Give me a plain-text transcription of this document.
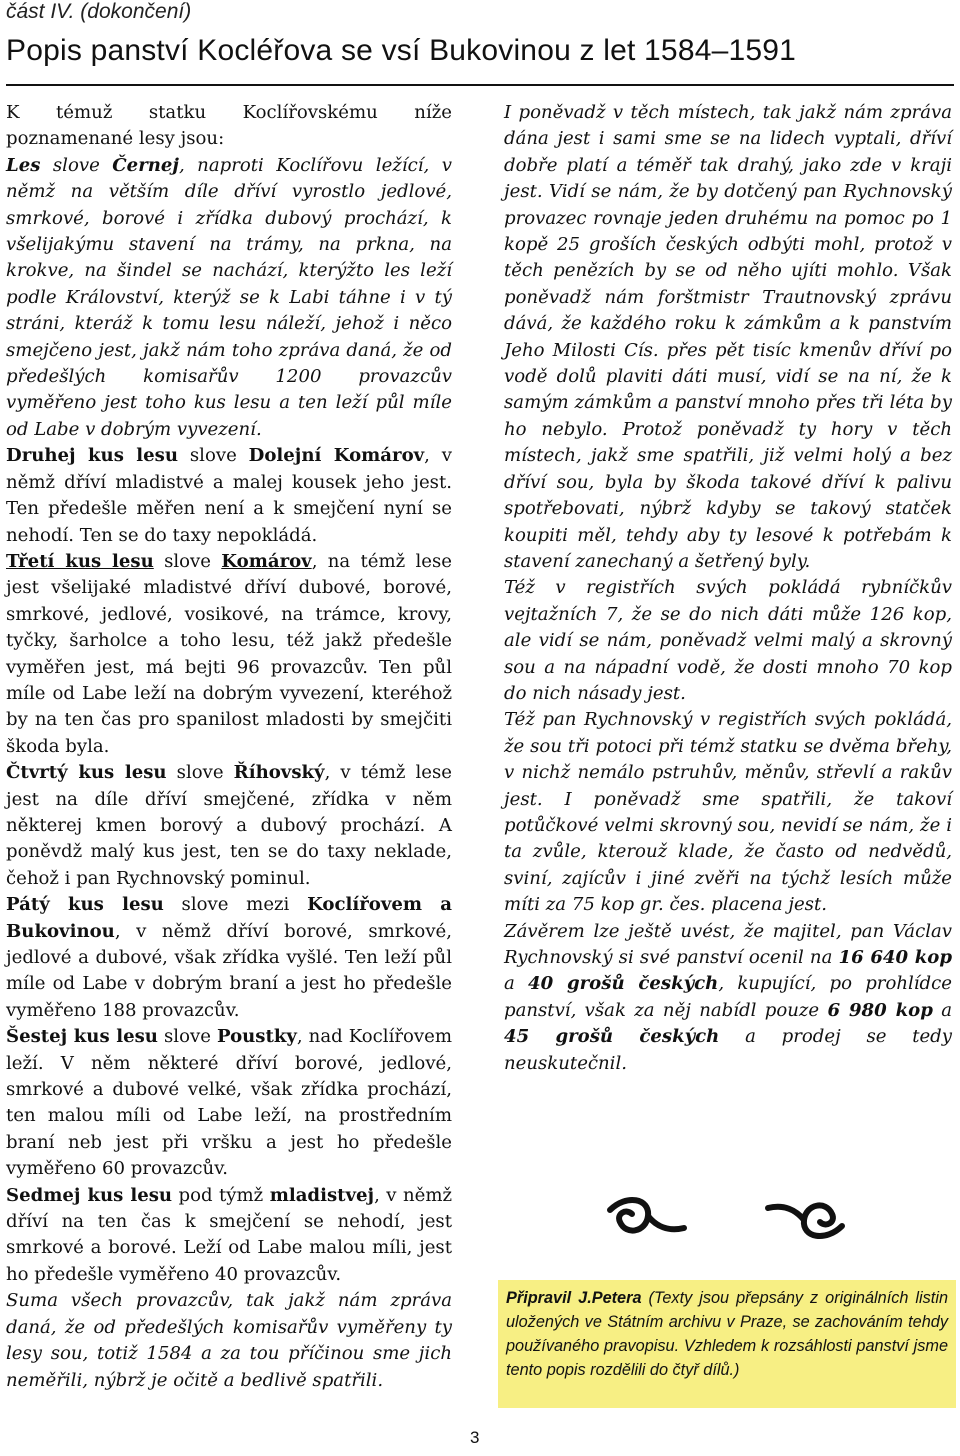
část IV. (dokončení)
Popis panství Kocléřova se vsí Bukovinou z let 1584–1591

K témuž statku Koclířovskému níže poznamenané lesy jsou:

Les slove Černej, naproti Koclířovu ležící, v němž na větším díle dříví vyrostlo jedlové, smrkové, borové i zřídka dubový prochází, k všelijakýmu stavení na trámy, na prkna, na krokve, na šindel se nachází, kterýžto les leží podle Království, kterýž se k Labi táhne i v tý stráni, kteráž k tomu lesu náleží, jehož i něco smejčeno jest, jakž nám toho zpráva daná, že od předešlých komisařův 1200 provazcův vyměřeno jest toho kus lesu a ten leží půl míle od Labe v dobrým vyvezení.

Druhej kus lesu slove Dolejní Komárov, v němž dříví mladistvé a malej kousek jeho jest. Ten předešle měřen není a k smejčení nyní se nehodí. Ten se do taxy nepokládá.

Třetí kus lesu slove Komárov, na témž lese jest všelijaké mladistvé dříví dubové, borové, smrkové, jedlové, vosikové, na trámce, krovy, tyčky, šarholce a toho lesu, též jakž předešle vyměřen jest, má bejti 96 provazcův. Ten půl míle od Labe leží na dobrým vyvezení, kteréhož by na ten čas pro spanilost mladosti by smejčiti škoda byla.

Čtvrtý kus lesu slove Říhovský, v témž lese jest na díle dříví smejčené, zřídka v něm některej kmen borový a dubový prochází. A poněvdž malý kus jest, ten se do taxy neklade, čehož i pan Rychnovský pominul.

Pátý kus lesu slove mezi Koclířovem a Bukovinou, v němž dříví borové, smrkové, jedlové a dubové, však zřídka vyšlé. Ten leží půl míle od Labe v dobrým braní a jest ho předešle vyměřeno 188 provazcův.

Šestej kus lesu slove Poustky, nad Koclířovem leží. V něm některé dříví borové, jedlové, smrkové a dubové velké, však zřídka prochází, ten malou míli od Labe leží, na prostředním braní neb jest při vršku a jest ho předešle vyměřeno 60 provazcův.

Sedmej kus lesu pod týmž mladistvej, v němž dříví na ten čas k smejčení se nehodí, jest smrkové a borové. Leží od Labe malou míli, jest ho předešle vyměřeno 40 provazcův.

Suma všech provazcův, tak jakž nám zpráva daná, že od předešlých komisařův vyměřeny ty lesy sou, totiž 1584 a za tou příčinou sme jich neměřili, nýbrž je očitě a bedlivě spatřili.

I poněvadž v těch místech, tak jakž nám zpráva dána jest i sami sme se na lidech vyptali, dříví dobře platí a téměř tak drahý, jako zde v kraji jest. Vidí se nám, že by dotčený pan Rychnovský provazec rovnaje jeden druhému na pomoc po 1 kopě 25 groších českých odbýti mohl, protož v těch penězích by se od něho ujíti mohlo. Však poněvadž nám forštmistr Trautnovský zprávu dává, že každého roku k zámkům a k panstvím Jeho Milosti Cís. přes pět tisíc kmenův dříví po vodě dolů plaviti dáti musí, vidí se na ní, že k samým zámkům a panství mnoho přes tři léta by ho nebylo. Protož poněvadž ty hory v těch místech, jakž sme spatřili, již velmi holý a bez dříví sou, byla by škoda takové dříví k palivu spotřebovati, nýbrž kdyby se takový statček koupiti měl, tehdy aby ty lesové k potřebám k stavení zanechaný a šetřený byly.

Též v registřích svých pokládá rybníčkův vejtažních 7, že se do nich dáti může 126 kop, ale vidí se nám, poněvadž velmi malý a skrovný sou a na nápadní vodě, že dosti mnoho 70 kop do nich násady jest.

Též pan Rychnovský v registřích svých pokládá, že sou tři potoci při témž statku se dvěma břehy, v nichž nemálo pstruhův, měnův, střevlí a rakův jest. I poněvadž sme spatřili, že takoví potůčkové velmi skrovný sou, nevidí se nám, že i ta zvůle, kterouž klade, že často od nedvědů, sviní, zajícův i jiné zvěři na týchž lesích může míti za 75 kop gr. čes. placena jest.

Závěrem lze ještě uvést, že majitel, pan Václav Rychnovský si své panství ocenil na 16 640 kop a 40 grošů českých, kupující, po prohlídce panství, však za něj nabídl pouze 6 980 kop a 45 grošů českých a prodej se tedy neuskutečnil.

Připravil J.Petera (Texty jsou přepsány z originálních listin uložených ve Státním archivu v Praze, se zachováním tehdy používaného pravopisu. Vzhledem k rozsáhlosti panství jsme tento popis rozdělili do čtyř dílů.)
3
